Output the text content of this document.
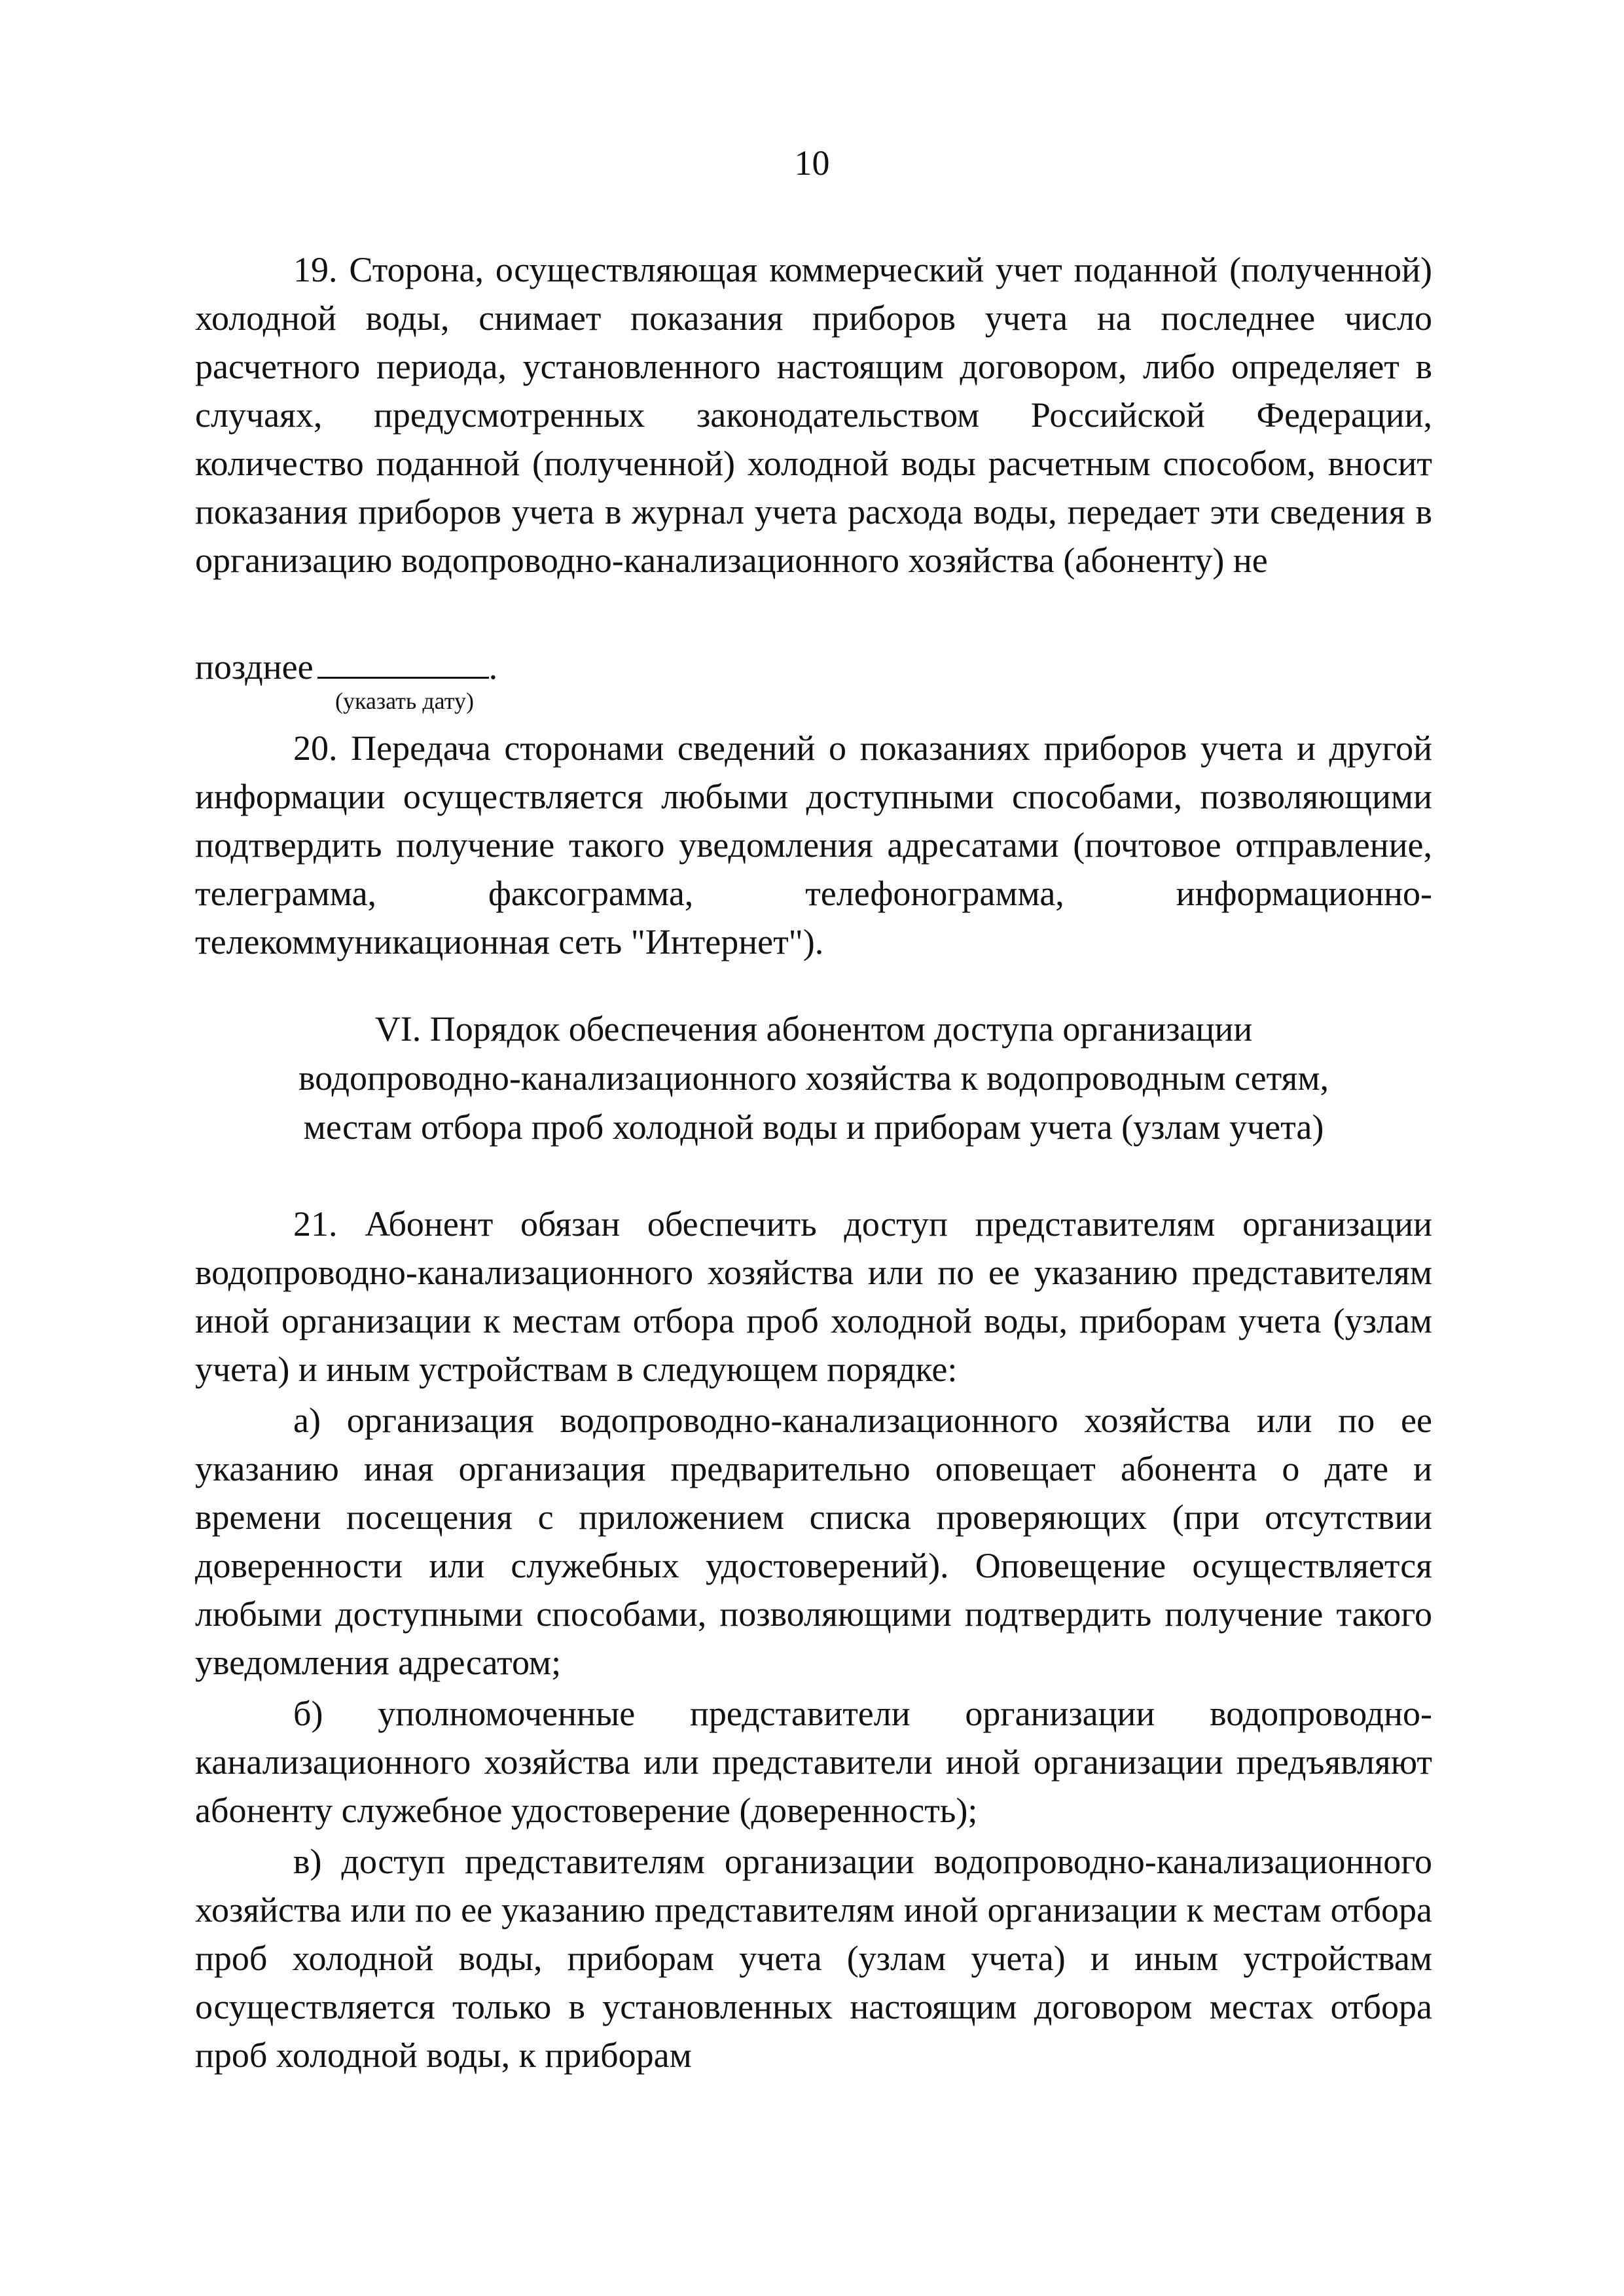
10

19. Сторона, осуществляющая коммерческий учет поданной (полученной) холодной воды, снимает показания приборов учета на последнее число расчетного периода, установленного настоящим договором, либо определяет в случаях, предусмотренных законодательством Российской Федерации, количество поданной (полученной) холодной воды расчетным способом, вносит показания приборов учета в журнал учета расхода воды, передает эти сведения в организацию водопроводно-канализационного хозяйства (абоненту) не

позднее	.
(указать дату)

20. Передача сторонами сведений о показаниях приборов учета и другой информации осуществляется любыми доступными способами, позволяющими подтвердить получение такого уведомления адресатами (почтовое отправление, телеграмма, факсограмма, телефонограмма, информационно-телекоммуникационная сеть "Интернет").

VI. Порядок обеспечения абонентом доступа организации
водопроводно-канализационного хозяйства к водопроводным сетям,
местам отбора проб холодной воды и приборам учета (узлам учета)

21. Абонент обязан обеспечить доступ представителям организации водопроводно-канализационного хозяйства или по ее указанию представителям иной организации к местам отбора проб холодной воды, приборам учета (узлам учета) и иным устройствам в следующем порядке:

а) организация водопроводно-канализационного хозяйства или по ее указанию иная организация предварительно оповещает абонента о дате и времени посещения с приложением списка проверяющих (при отсутствии доверенности или служебных удостоверений). Оповещение осуществляется любыми доступными способами, позволяющими подтвердить получение такого уведомления адресатом;

б) уполномоченные представители организации водопроводно-канализационного хозяйства или представители иной организации предъявляют абоненту служебное удостоверение (доверенность);

в) доступ представителям организации водопроводно-канализационного хозяйства или по ее указанию представителям иной организации к местам отбора проб холодной воды, приборам учета (узлам учета) и иным устройствам осуществляется только в установленных настоящим договором местах отбора проб холодной воды, к приборам
